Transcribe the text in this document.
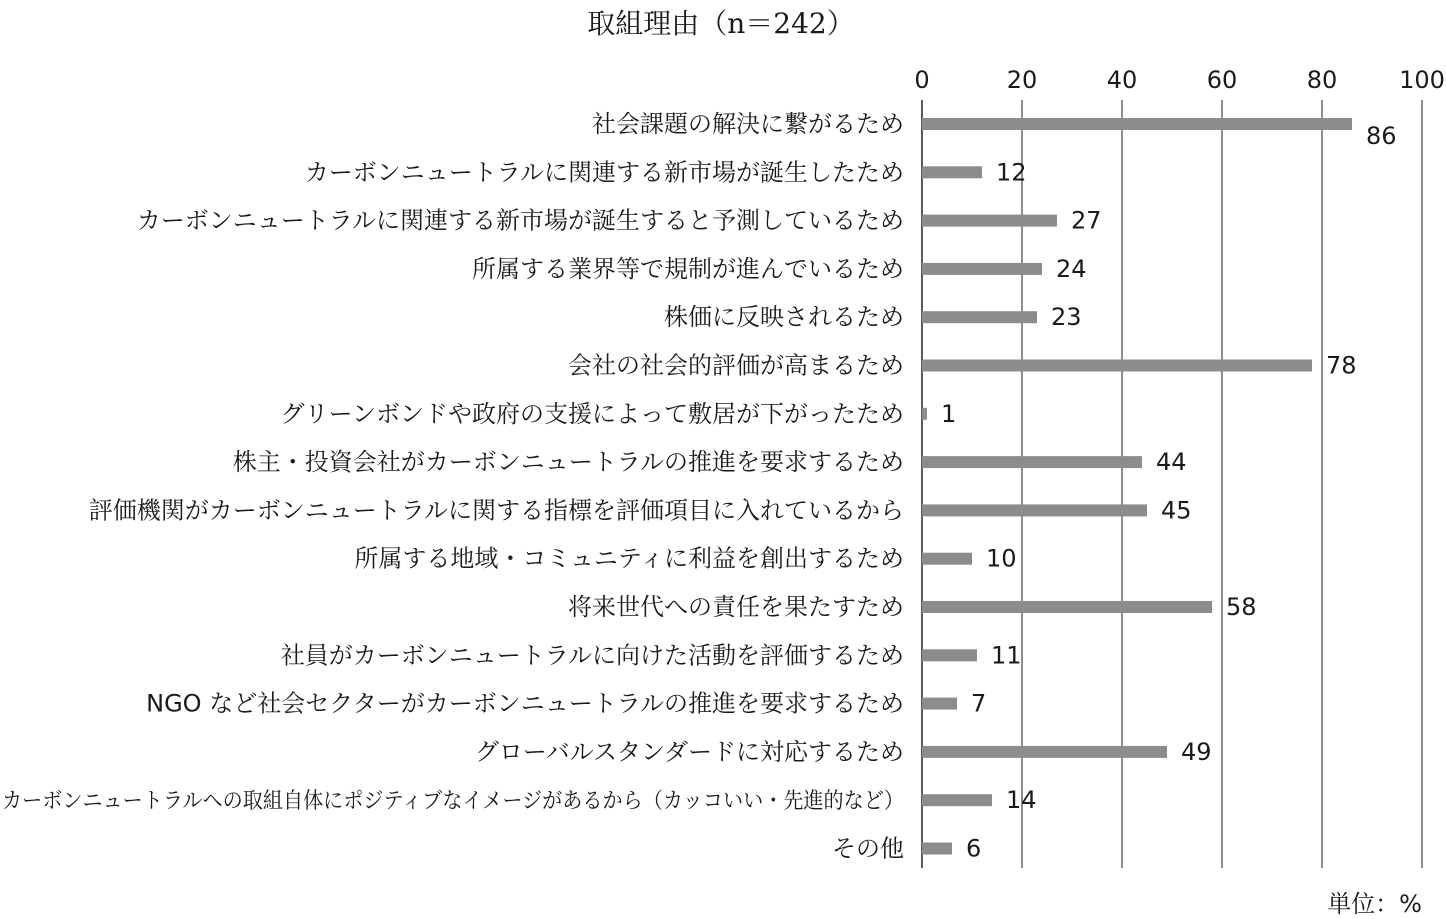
取組理由（n＝242）
0	20	40	60	80	100
社会課題の解決に繋がるため	86
カーボンニュートラルに関連する新市場が誕生したため	12
カーボンニュートラルに関連する新市場が誕生すると予測しているため	27
所属する業界等で規制が進んでいるため	24
株価に反映されるため	23
会社の社会的評価が高まるため	78
グリーンボンドや政府の支援によって敷居が下がったため 1
株主・投資会社がカーボンニュートラルの推進を要求するため	44
評価機関がカーボンニュートラルに関する指標を評価項目に入れているから	45
所属する地域・コミュニティに利益を創出するため	10
将来世代への責任を果たすため	58
社員がカーボンニュートラルに向けた活動を評価するため	11
NGO など社会セクターがカーボンニュートラルの推進を要求するため	7
グローバルスタンダードに対応するため	49
カーボンニュートラルへの取組自体にポジティブなイメージがあるから（カッコいい・先進的など）	14
その他	6
単位：%
